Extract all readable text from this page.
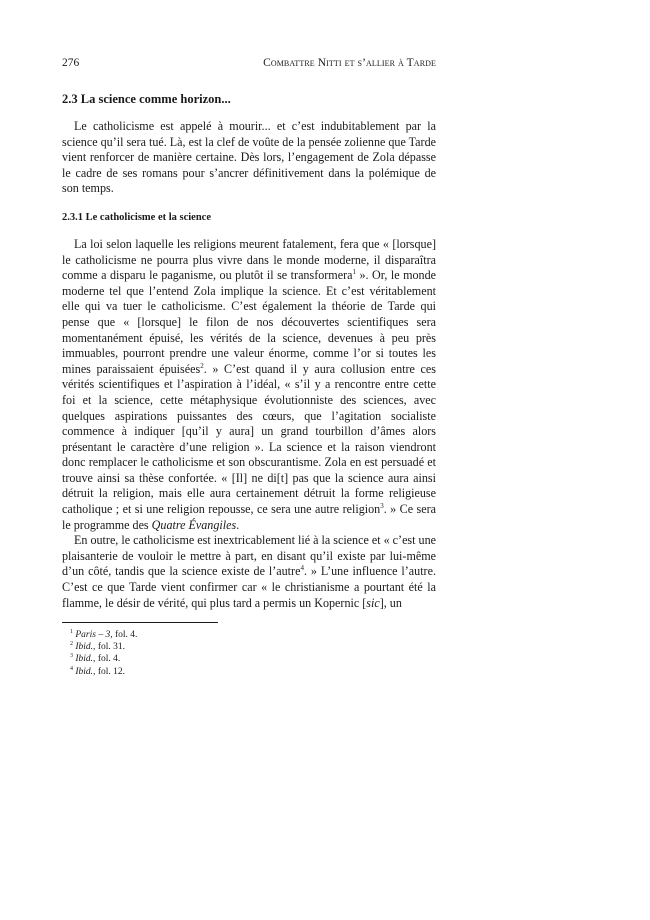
276	Combattre Nitti et s’allier à Tarde
2.3 La science comme horizon...

Le catholicisme est appelé à mourir... et c’est indubitablement par la science qu’il sera tué. Là, est la clef de voûte de la pensée zolienne que Tarde vient renforcer de manière certaine. Dès lors, l’engagement de Zola dépasse le cadre de ses romans pour s’ancrer définitivement dans la polémique de son temps.

2.3.1 Le catholicisme et la science

La loi selon laquelle les religions meurent fatalement, fera que « [lorsque] le catholicisme ne pourra plus vivre dans le monde moderne, il disparaîtra comme a disparu le paganisme, ou plutôt il se transformera$^1$ ». Or, le monde moderne tel que l’entend Zola implique la science. Et c’est véritablement elle qui va tuer le catholicisme. C’est également la théorie de Tarde qui pense que « [lorsque] le filon de nos découvertes scientifiques sera momentanément épuisé, les vérités de la science, devenues à peu près immuables, pourront prendre une valeur énorme, comme l’or si toutes les mines paraissaient épuisées$^2$. » C’est quand il y aura collusion entre ces vérités scientifiques et l’aspiration à l’idéal, « s’il y a rencontre entre cette foi et la science, cette métaphysique évolutionniste des sciences, avec quelques aspirations puissantes des cœurs, que l’agitation socialiste commence à indiquer [qu’il y aura] un grand tourbillon d’âmes alors présentant le caractère d’une religion ». La science et la raison viendront donc remplacer le catholicisme et son obscurantisme. Zola en est persuadé et trouve ainsi sa thèse confortée. « [Il] ne di[t] pas que la science aura ainsi détruit la religion, mais elle aura certainement détruit la forme religieuse catholique ; et si une religion repousse, ce sera une autre religion$^3$. » Ce sera le programme des Quatre Évangiles.

En outre, le catholicisme est inextricablement lié à la science et « c’est une plaisanterie de vouloir le mettre à part, en disant qu’il existe par lui-même d’un côté, tandis que la science existe de l’autre$^4$. » L’une influence l’autre. C’est ce que Tarde vient confirmer car « le christianisme a pourtant été la flamme, le désir de vérité, qui plus tard a permis un Kopernic [sic], un

$^1$ Paris – 3, fol. 4.
$^2$ Ibid., fol. 31.
$^3$ Ibid., fol. 4.
$^4$ Ibid., fol. 12.
